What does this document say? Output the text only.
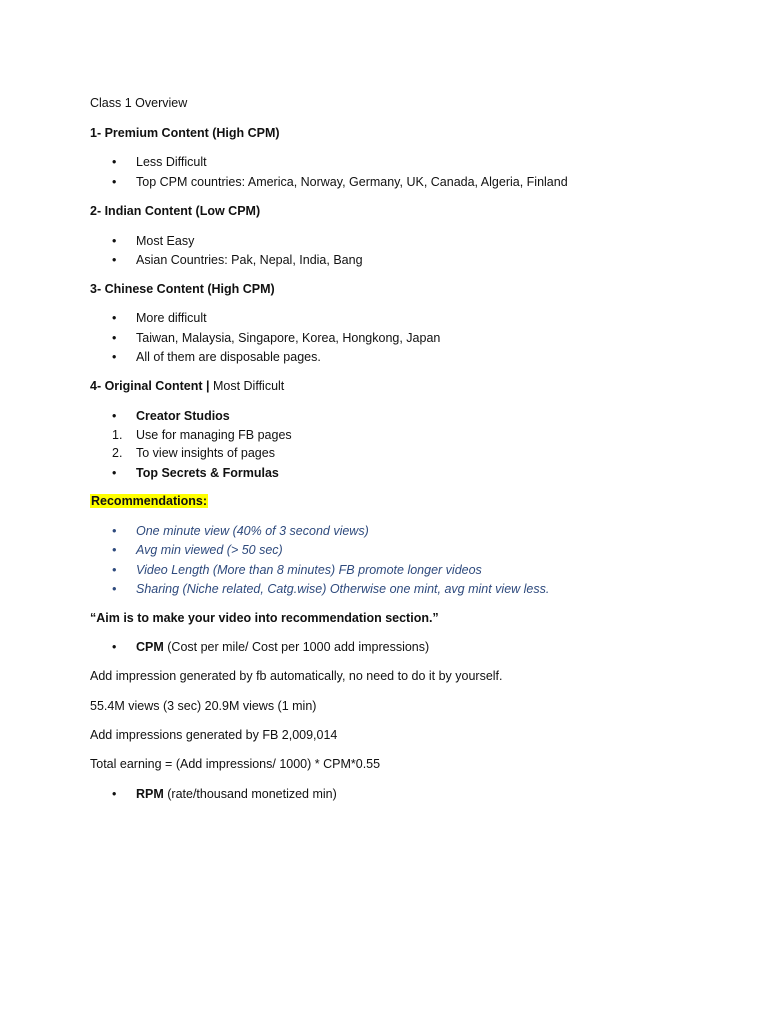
Class 1 Overview
1- Premium Content (High CPM)
•	Less Difficult
•	Top CPM countries: America, Norway, Germany, UK, Canada, Algeria, Finland
2- Indian Content (Low CPM)
•	Most Easy
•	Asian Countries: Pak, Nepal, India, Bang
3- Chinese Content (High CPM)
•	More difficult
•	Taiwan, Malaysia, Singapore, Korea, Hongkong, Japan
•	All of them are disposable pages.
4- Original Content | Most Difficult
•	Creator Studios
1. Use for managing FB pages
2. To view insights of pages
•	Top Secrets & Formulas
Recommendations:
•	One minute view (40% of 3 second views)
•	Avg min viewed (> 50 sec)
•	Video Length (More than 8 minutes) FB promote longer videos
•	Sharing (Niche related, Catg.wise) Otherwise one mint, avg mint view less.
“Aim is to make your video into recommendation section.”
•	CPM (Cost per mile/ Cost per 1000 add impressions)
Add impression generated by fb automatically, no need to do it by yourself.
55.4M views (3 sec) 20.9M views (1 min)
Add impressions generated by FB 2,009,014
Total earning = (Add impressions/ 1000) * CPM*0.55
•	RPM (rate/thousand monetized min)
